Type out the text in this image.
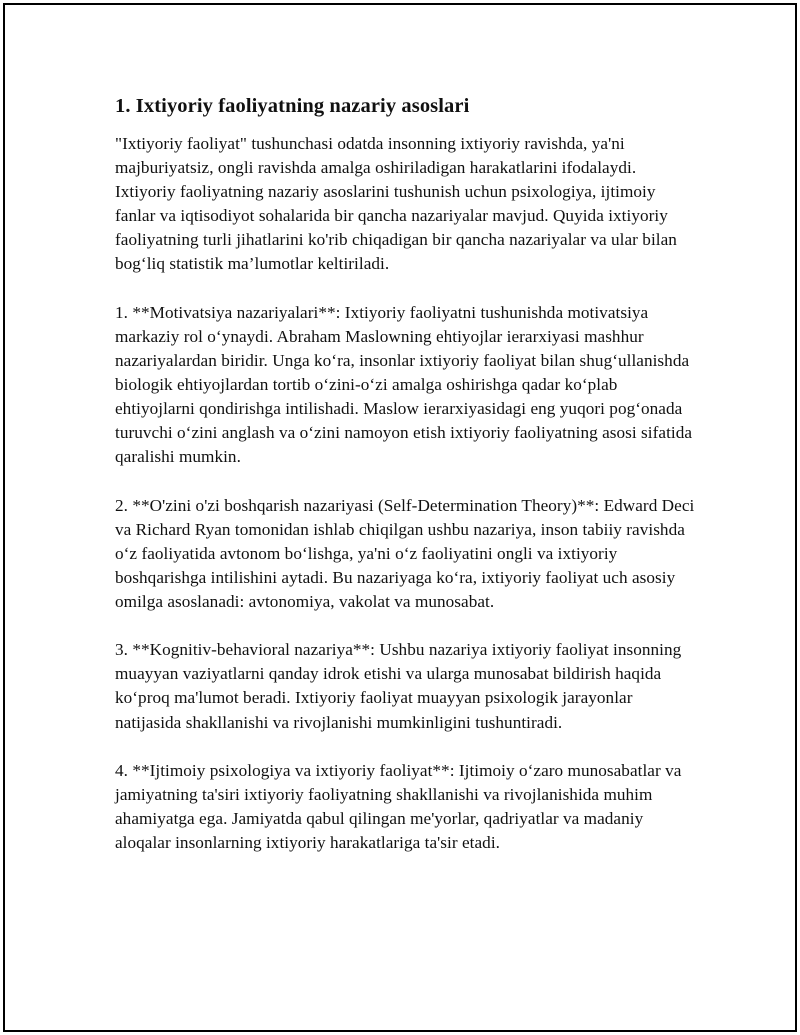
1. Ixtiyoriy faoliyatning nazariy asoslari

"Ixtiyoriy faoliyat" tushunchasi odatda insonning ixtiyoriy ravishda, ya'ni majburiyatsiz, ongli ravishda amalga oshiriladigan harakatlarini ifodalaydi. Ixtiyoriy faoliyatning nazariy asoslarini tushunish uchun psixologiya, ijtimoiy fanlar va iqtisodiyot sohalarida bir qancha nazariyalar mavjud. Quyida ixtiyoriy faoliyatning turli jihatlarini ko'rib chiqadigan bir qancha nazariyalar va ular bilan bog‘liq statistik ma’lumotlar keltiriladi.

1. **Motivatsiya nazariyalari**: Ixtiyoriy faoliyatni tushunishda motivatsiya markaziy rol o‘ynaydi. Abraham Maslowning ehtiyojlar ierarxiyasi mashhur nazariyalardan biridir. Unga ko‘ra, insonlar ixtiyoriy faoliyat bilan shug‘ullanishda biologik ehtiyojlardan tortib o‘zini-o‘zi amalga oshirishga qadar ko‘plab ehtiyojlarni qondirishga intilishadi. Maslow ierarxiyasidagi eng yuqori pog‘onada turuvchi o‘zini anglash va o‘zini namoyon etish ixtiyoriy faoliyatning asosi sifatida qaralishi mumkin.

2. **O'zini o'zi boshqarish nazariyasi (Self-Determination Theory)**: Edward Deci va Richard Ryan tomonidan ishlab chiqilgan ushbu nazariya, inson tabiiy ravishda o‘z faoliyatida avtonom bo‘lishga, ya'ni o‘z faoliyatini ongli va ixtiyoriy boshqarishga intilishini aytadi. Bu nazariyaga ko‘ra, ixtiyoriy faoliyat uch asosiy omilga asoslanadi: avtonomiya, vakolat va munosabat.

3. **Kognitiv-behavioral nazariya**: Ushbu nazariya ixtiyoriy faoliyat insonning muayyan vaziyatlarni qanday idrok etishi va ularga munosabat bildirish haqida ko‘proq ma'lumot beradi. Ixtiyoriy faoliyat muayyan psixologik jarayonlar natijasida shakllanishi va rivojlanishi mumkinligini tushuntiradi.

4. **Ijtimoiy psixologiya va ixtiyoriy faoliyat**: Ijtimoiy o‘zaro munosabatlar va jamiyatning ta'siri ixtiyoriy faoliyatning shakllanishi va rivojlanishida muhim ahamiyatga ega. Jamiyatda qabul qilingan me'yorlar, qadriyatlar va madaniy aloqalar insonlarning ixtiyoriy harakatlariga ta'sir etadi.
